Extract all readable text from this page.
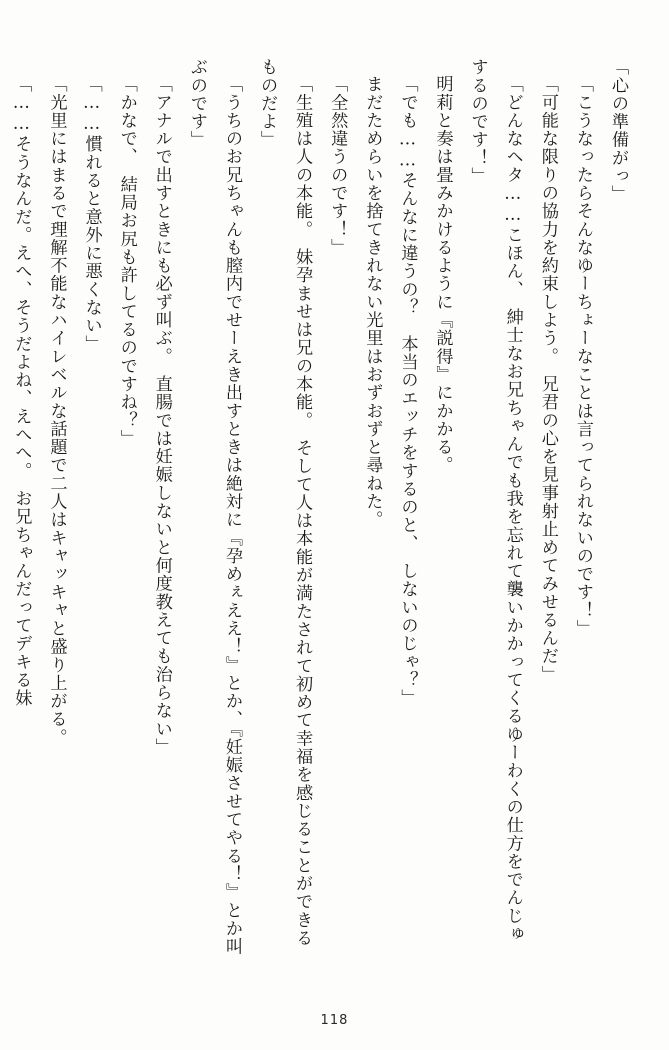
「心の準備がっ」

「こうなったらそんなゆーちょーなことは言ってられないのです！」

「可能な限りの協力を約束しよう。　兄君の心を見事射止めてみせるんだ」

「どんなヘタ……こほん、　紳士なお兄ちゃんでも我を忘れて襲いかかってくるゆーわくの仕方をでんじゅするのです！」

明莉と奏は畳みかけるように『説得』にかかる。

「でも……そんなに違うの？　本当のエッチをするのと、　しないのじゃ？」

まだためらいを捨てきれない光里はおずおずと尋ねた。

「全然違うのです！」

「生殖は人の本能。　妹孕ませは兄の本能。　そして人は本能が満たされて初めて幸福を感じることができるものだよ」

「うちのお兄ちゃんも膣内でせーえき出すときは絶対に『孕めぇええ！』とか、『妊娠させてやる！』とか叫ぶのです」

「アナルで出すときにも必ず叫ぶ。　直腸では妊娠しないと何度教えても治らない」

「かなで、　結局お尻も許してるのですね？」

「……慣れると意外に悪くない」

「光里にはまるで理解不能なハイレベルな話題で二人はキャッキャと盛り上がる。

「……そうなんだ。えへ、そうだよね、えへへ。　お兄ちゃんだってデキる妹

118
